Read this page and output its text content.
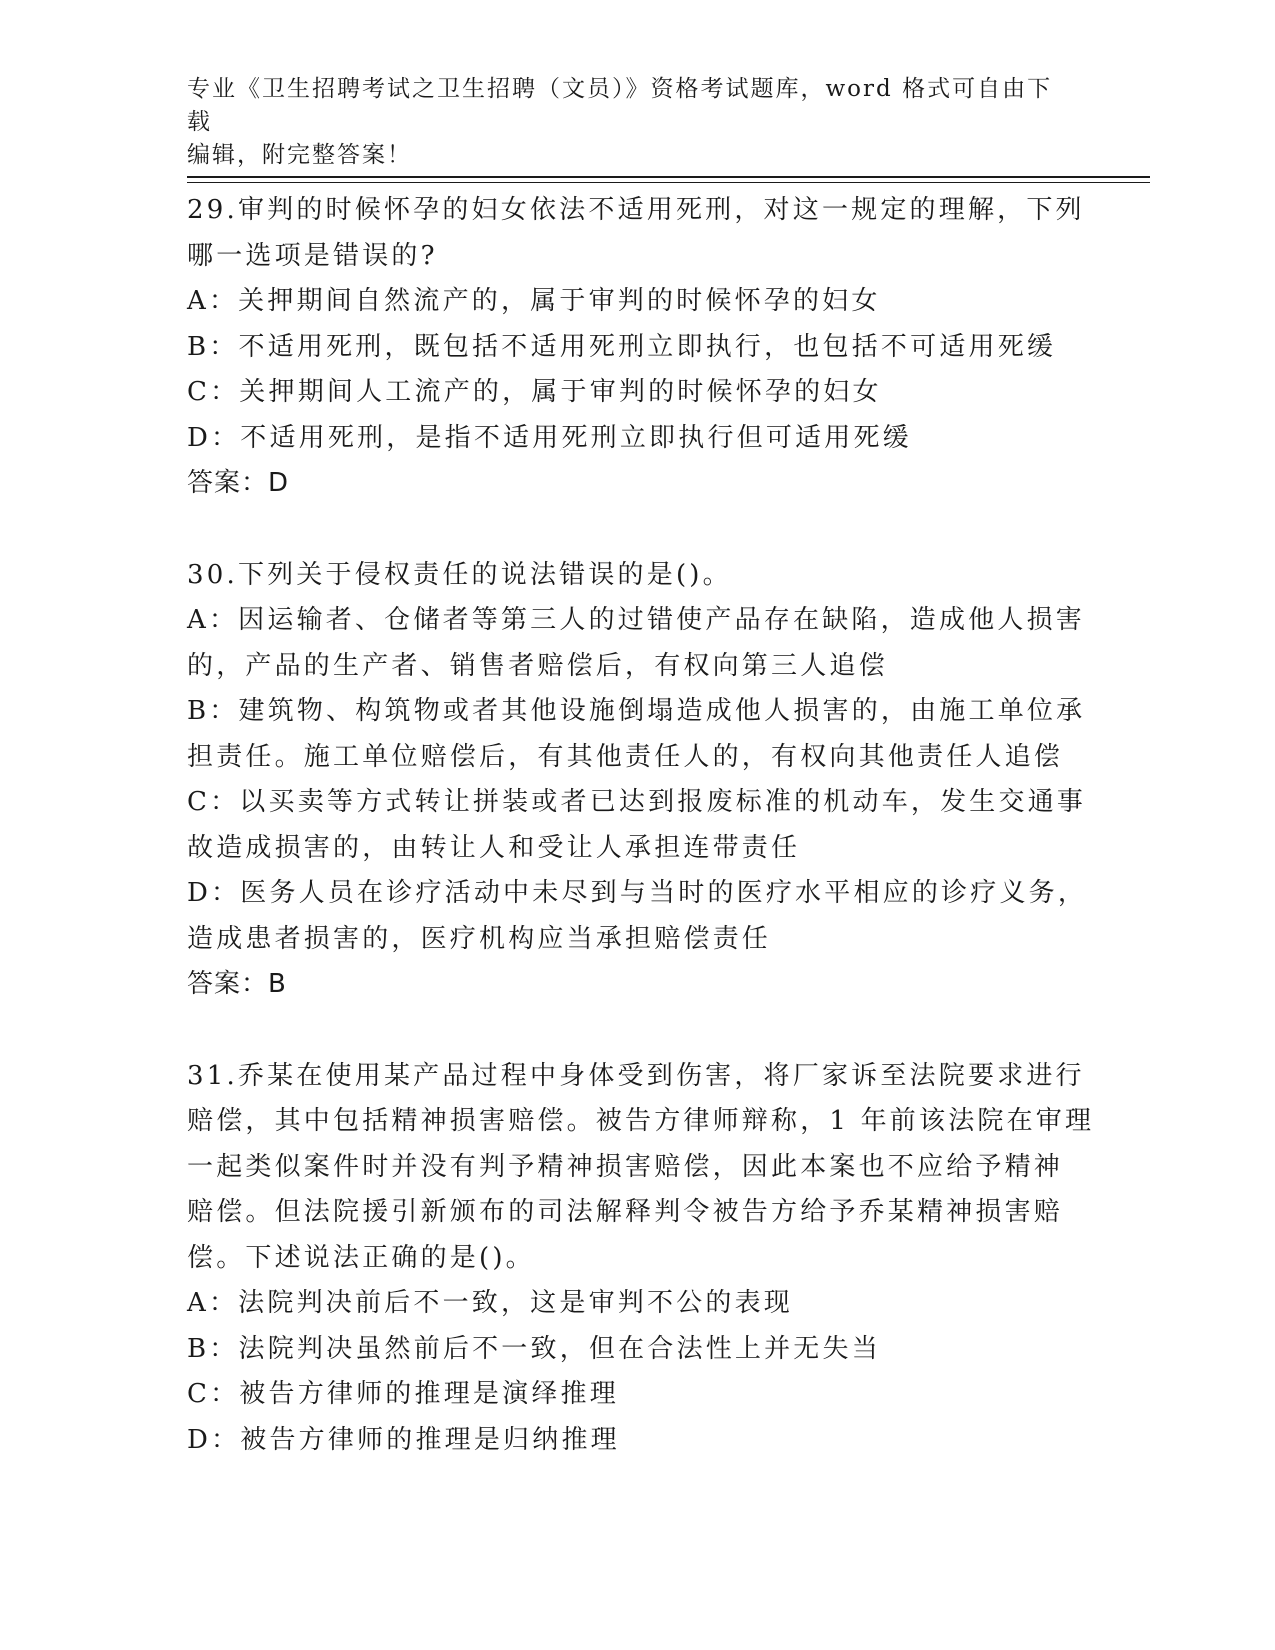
专业《卫生招聘考试之卫生招聘（文员）》资格考试题库，word 格式可自由下载
编辑，附完整答案！
29.审判的时候怀孕的妇女依法不适用死刑，对这一规定的理解，下列
哪一选项是错误的?
A：关押期间自然流产的，属于审判的时候怀孕的妇女
B：不适用死刑，既包括不适用死刑立即执行，也包括不可适用死缓
C：关押期间人工流产的，属于审判的时候怀孕的妇女
D：不适用死刑，是指不适用死刑立即执行但可适用死缓
答案：D
30.下列关于侵权责任的说法错误的是()。
A：因运输者、仓储者等第三人的过错使产品存在缺陷，造成他人损害
的，产品的生产者、销售者赔偿后，有权向第三人追偿
B：建筑物、构筑物或者其他设施倒塌造成他人损害的，由施工单位承
担责任。施工单位赔偿后，有其他责任人的，有权向其他责任人追偿
C：以买卖等方式转让拼装或者已达到报废标准的机动车，发生交通事
故造成损害的，由转让人和受让人承担连带责任
D：医务人员在诊疗活动中未尽到与当时的医疗水平相应的诊疗义务，
造成患者损害的，医疗机构应当承担赔偿责任
答案：B
31.乔某在使用某产品过程中身体受到伤害，将厂家诉至法院要求进行
赔偿，其中包括精神损害赔偿。被告方律师辩称，1 年前该法院在审理
一起类似案件时并没有判予精神损害赔偿，因此本案也不应给予精神
赔偿。但法院援引新颁布的司法解释判令被告方给予乔某精神损害赔
偿。下述说法正确的是()。
A：法院判决前后不一致，这是审判不公的表现
B：法院判决虽然前后不一致，但在合法性上并无失当
C：被告方律师的推理是演绎推理
D：被告方律师的推理是归纳推理
